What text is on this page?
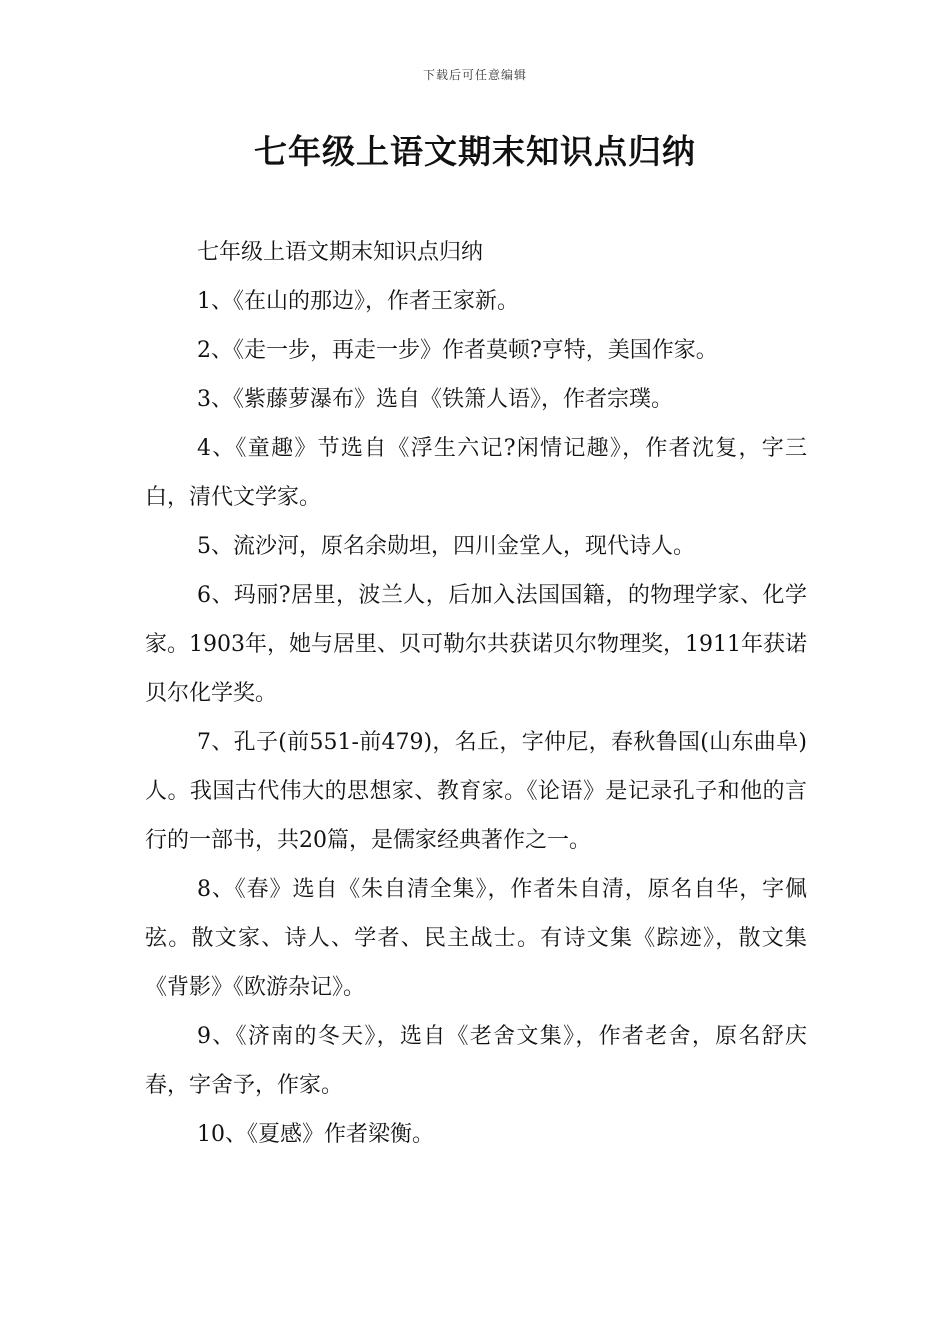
下载后可任意编辑
七年级上语文期末知识点归纳

七年级上语文期末知识点归纳

1、《在山的那边》，作者王家新。

2、《走一步，再走一步》作者莫顿?亨特，美国作家。

3、《紫藤萝瀑布》选自《铁箫人语》，作者宗璞。

4、《童趣》节选自《浮生六记?闲情记趣》，作者沈复，字三白，清代文学家。

5、流沙河，原名余勋坦，四川金堂人，现代诗人。

6、玛丽?居里，波兰人，后加入法国国籍，的物理学家、化学家。1903年，她与居里、贝可勒尔共获诺贝尔物理奖，1911年获诺贝尔化学奖。

7、孔子(前551-前479)，名丘，字仲尼，春秋鲁国(山东曲阜)人。我国古代伟大的思想家、教育家。《论语》是记录孔子和他的言行的一部书，共20篇，是儒家经典著作之一。

8、《春》选自《朱自清全集》，作者朱自清，原名自华，字佩弦。散文家、诗人、学者、民主战士。有诗文集《踪迹》，散文集《背影》《欧游杂记》。

9、《济南的冬天》，选自《老舍文集》，作者老舍，原名舒庆春，字舍予，作家。

10、《夏感》作者梁衡。
